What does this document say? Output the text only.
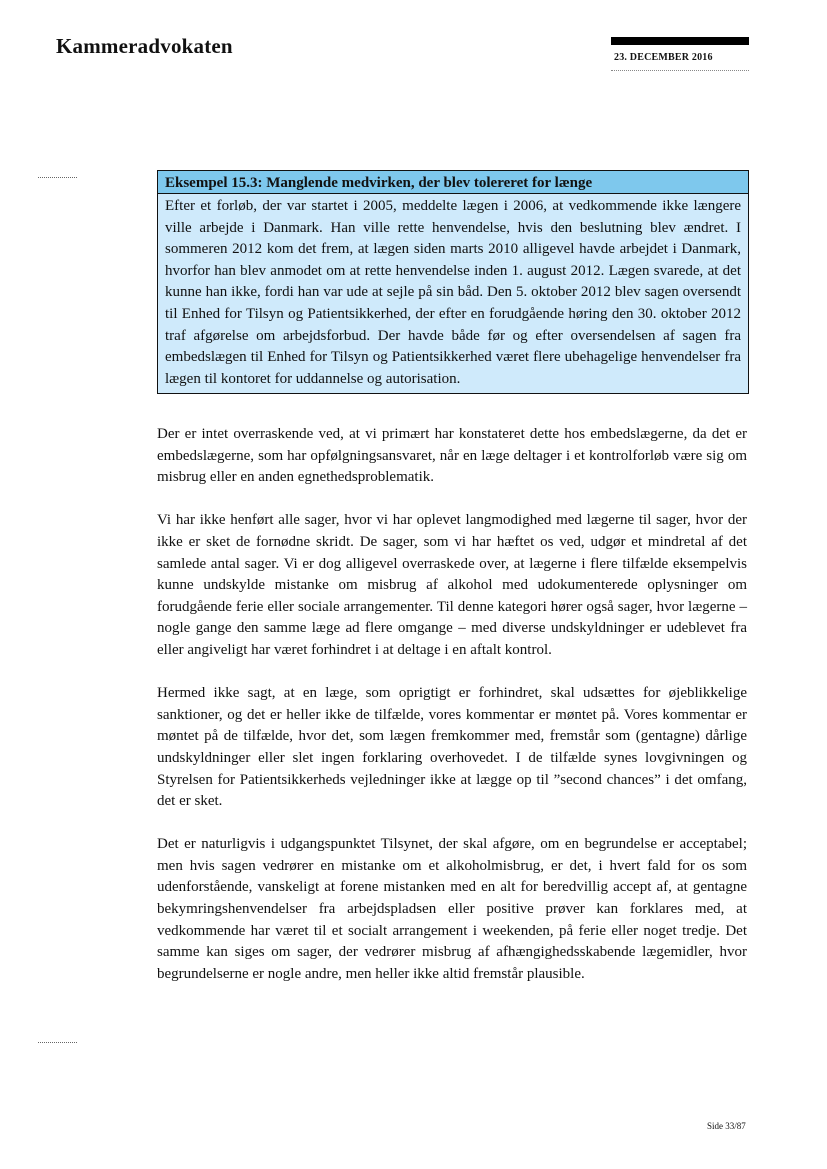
Kammeradvokaten	23. DECEMBER 2016
Eksempel 15.3: Manglende medvirken, der blev tolereret for længe
Efter et forløb, der var startet i 2005, meddelte lægen i 2006, at vedkommende ikke længere ville arbejde i Danmark. Han ville rette henvendelse, hvis den beslutning blev ændret. I sommeren 2012 kom det frem, at lægen siden marts 2010 alligevel havde arbejdet i Danmark, hvorfor han blev anmodet om at rette henvendelse inden 1. august 2012. Lægen svarede, at det kunne han ikke, fordi han var ude at sejle på sin båd. Den 5. oktober 2012 blev sagen oversendt til Enhed for Tilsyn og Patientsikkerhed, der efter en forudgående høring den 30. oktober 2012 traf afgørelse om arbejdsforbud. Der havde både før og efter oversendelsen af sagen fra embedslægen til Enhed for Tilsyn og Patientsikkerhed været flere ubehagelige henvendelser fra lægen til kontoret for uddannelse og autorisation.

Der er intet overraskende ved, at vi primært har konstateret dette hos embedslægerne, da det er embedslægerne, som har opfølgningsansvaret, når en læge deltager i et kontrolforløb være sig om misbrug eller en anden egnethedsproblematik.

Vi har ikke henført alle sager, hvor vi har oplevet langmodighed med lægerne til sager, hvor der ikke er sket de fornødne skridt. De sager, som vi har hæftet os ved, udgør et mindretal af det samlede antal sager. Vi er dog alligevel overraskede over, at lægerne i flere tilfælde eksempelvis kunne undskylde mistanke om misbrug af alkohol med udokumenterede oplysninger om forudgående ferie eller sociale arrangementer. Til denne kategori hører også sager, hvor lægerne – nogle gange den samme læge ad flere omgange – med diverse undskyldninger er udeblevet fra eller angiveligt har været forhindret i at deltage i en aftalt kontrol.

Hermed ikke sagt, at en læge, som oprigtigt er forhindret, skal udsættes for øjeblikkelige sanktioner, og det er heller ikke de tilfælde, vores kommentar er møntet på. Vores kommentar er møntet på de tilfælde, hvor det, som lægen fremkommer med, fremstår som (gentagne) dårlige undskyldninger eller slet ingen forklaring overhovedet. I de tilfælde synes lovgivningen og Styrelsen for Patientsikkerheds vejledninger ikke at lægge op til ”second chances” i det omfang, det er sket.

Det er naturligvis i udgangspunktet Tilsynet, der skal afgøre, om en begrundelse er acceptabel; men hvis sagen vedrører en mistanke om et alkoholmisbrug, er det, i hvert fald for os som udenforstående, vanskeligt at forene mistanken med en alt for beredvillig accept af, at gentagne bekymringshenvendelser fra arbejdspladsen eller positive prøver kan forklares med, at vedkommende har været til et socialt arrangement i weekenden, på ferie eller noget tredje. Det samme kan siges om sager, der vedrører misbrug af afhængighedsskabende lægemidler, hvor begrundelserne er nogle andre, men heller ikke altid fremstår plausible.

Side 33/87
